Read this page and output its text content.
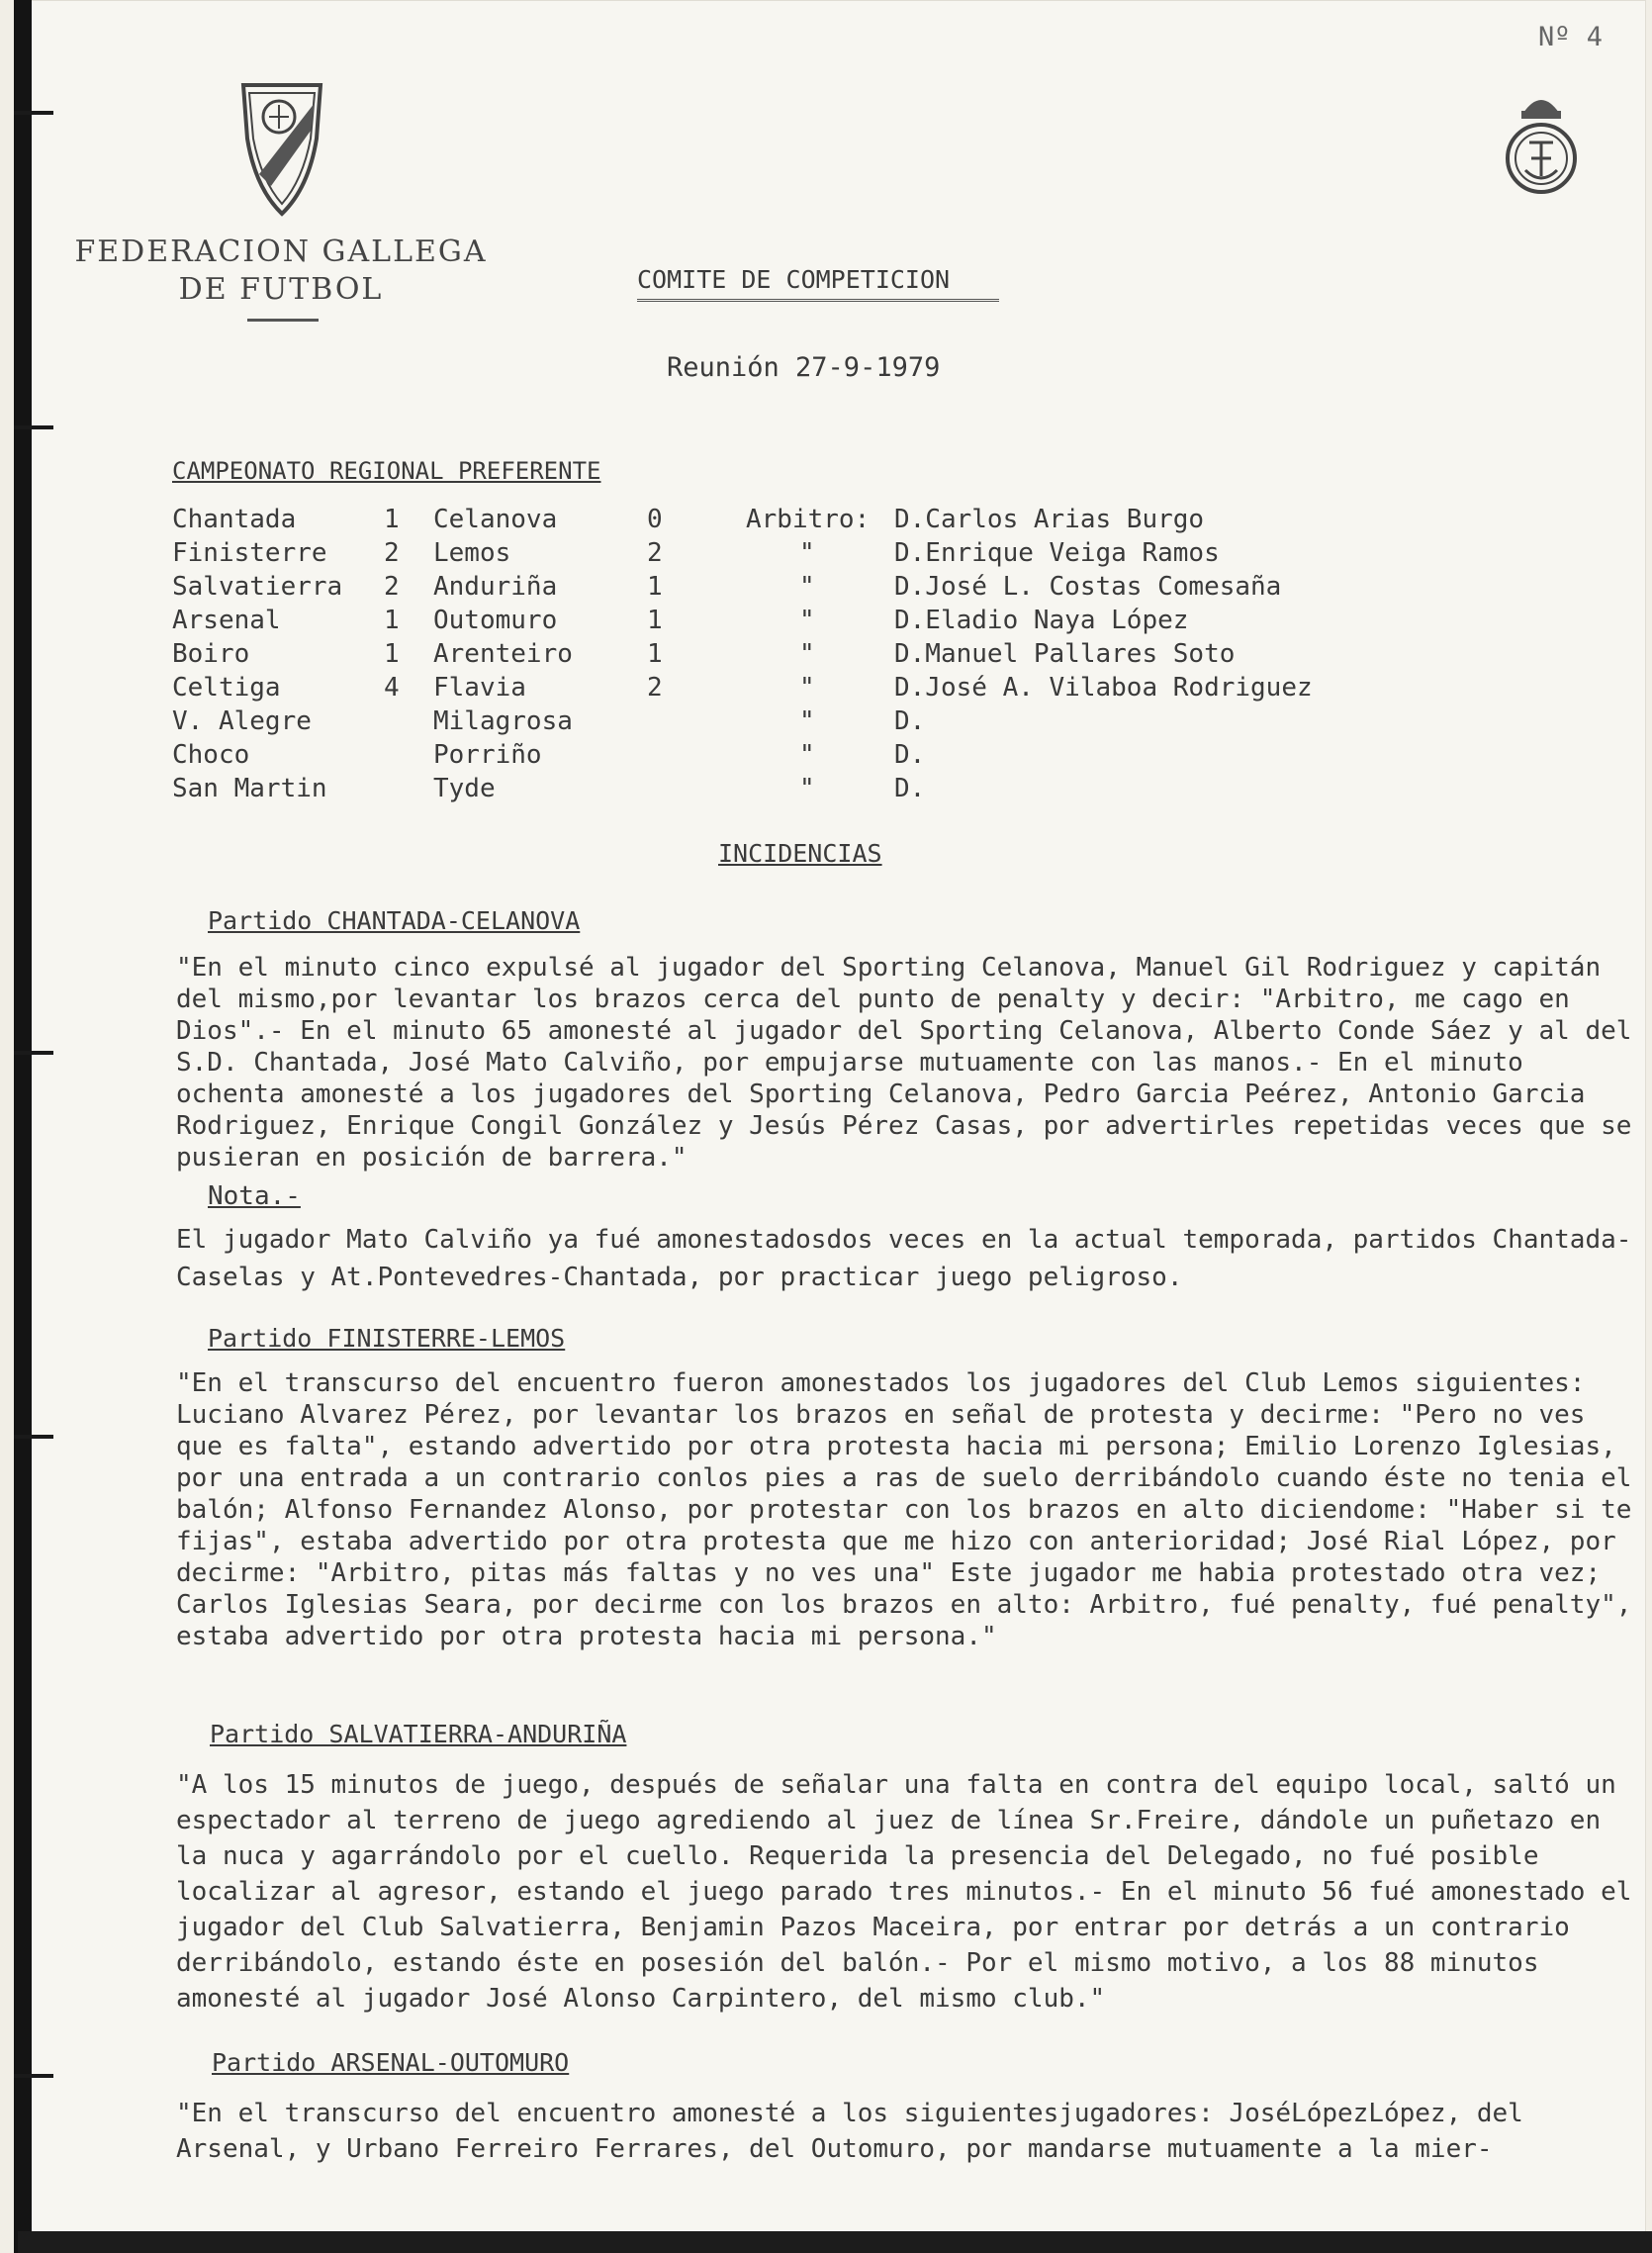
Nº 4
FEDERACION GALLEGA
DE FUTBOL	COMITE DE COMPETICION
Reunión 27-9-1979
CAMPEONATO REGIONAL PREFERENTE
Chantada	1 Celanova	0	Arbitro: D.Carlos Arias Burgo
Finisterre 2 Lemos	2	"	D.Enrique Veiga Ramos
Salvatierra 2 Anduriña	1	"	D.José L. Costas Comesaña
Arsenal	1 Outomuro	1	"	D.Eladio Naya López
Boiro	1 Arenteiro	1	"	D.Manuel Pallares Soto
Celtiga	4 Flavia	2	"	D.José A. Vilaboa Rodriguez
V. Alegre	Milagrosa	"	D.
Choco	Porriño	"	D.
San Martin	Tyde	"	D.
INCIDENCIAS
Partido CHANTADA-CELANOVA
"En el minuto cinco expulsé al jugador del Sporting Celanova, Manuel Gil Rodriguez y capitán del mismo,por levantar los brazos cerca del punto de penalty y decir: "Arbitro, me cago en Dios".- En el minuto 65 amonesté al jugador del Sporting Celanova, Alberto Conde Sáez y al del S.D. Chantada, José Mato Calviño, por empujarse mutuamente con las manos.- En el minuto ochenta amonesté a los jugadores del Sporting Celanova, Pedro Garcia Peérez, Antonio Garcia Rodriguez, Enrique Congil González y Jesús Pérez Casas, por advertirles repetidas veces que se pusieran en posición de barrera."
Nota.-
El jugador Mato Calviño ya fué amonestadosdos veces en la actual temporada, partidos Chantada-Caselas y At.Pontevedres-Chantada, por practicar juego peligroso.
Partido FINISTERRE-LEMOS
"En el transcurso del encuentro fueron amonestados los jugadores del Club Lemos siguientes: Luciano Alvarez Pérez, por levantar los brazos en señal de protesta y decirme: "Pero no ves que es falta", estando advertido por otra protesta hacia mi persona; Emilio Lorenzo Iglesias, por una entrada a un contrario conlos pies a ras de suelo derribándolo cuando éste no tenia el balón; Alfonso Fernandez Alonso, por protestar con los brazos en alto diciendome: "Haber si te fijas", estaba advertido por otra protesta que me hizo con anterioridad; José Rial López, por decirme: "Arbitro, pitas más faltas y no ves una" Este jugador me habia protestado otra vez; Carlos Iglesias Seara, por decirme con los brazos en alto: Arbitro, fué penalty, fué penalty", estaba advertido por otra protesta hacia mi persona."
Partido SALVATIERRA-ANDURIÑA
"A los 15 minutos de juego, después de señalar una falta en contra del equipo local, saltó un espectador al terreno de juego agrediendo al juez de línea Sr.Freire, dándole un puñetazo en la nuca y agarrándolo por el cuello. Requerida la presencia del Delegado, no fué posible localizar al agresor, estando el juego parado tres minutos.- En el minuto 56 fué amonestado el jugador del Club Salvatierra, Benjamin Pazos Maceira, por entrar por detrás a un contrario derribándolo, estando éste en posesión del balón.- Por el mismo motivo, a los 88 minutos amonesté al jugador José Alonso Carpintero, del mismo club."
Partido ARSENAL-OUTOMURO
"En el transcurso del encuentro amonesté a los siguientesjugadores: JoséLópezLópez, del Arsenal, y Urbano Ferreiro Ferrares, del Outomuro, por mandarse mutuamente a la mier-
